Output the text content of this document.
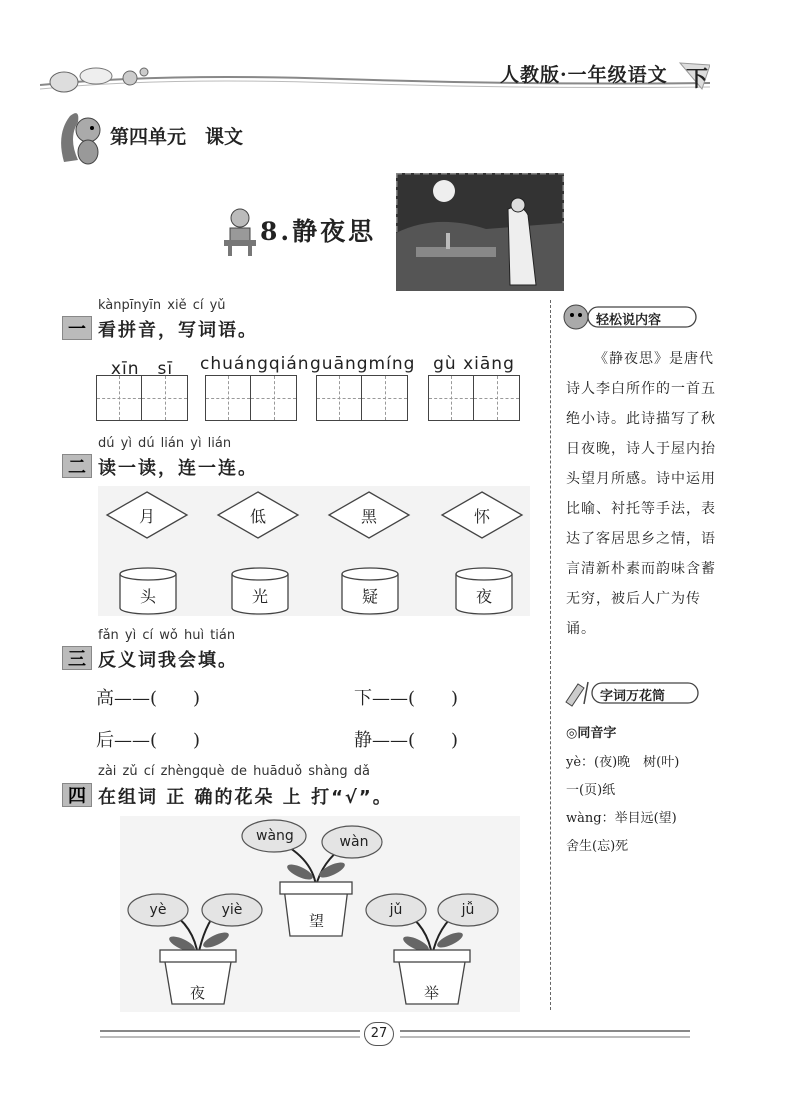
人教版·一年级语文 下
第四单元　课文
8.静夜思
kànpīnyīn xiě cí yǔ
一 看拼音，写词语。
xīn　sī	chuángqián guāngmíng	gù xiāng
dú yì dú lián yì lián
二 读一读，连一连。
月	低	黑	怀
头	光	疑	夜
fǎn yì cí wǒ huì tián
三 反义词我会填。
高——(　　)	下——(　　)
后——(　　)	静——(　　)
zài zǔ cí zhèngquè de huāduǒ shàng dǎ
四 在组词 正 确的花朵 上 打“√”。
yè	yiè
夜
wàng	wàn
望
jǔ	jǚ
举
轻松说内容
《静夜思》是唐代诗人李白所作的一首五绝小诗。此诗描写了秋日夜晚，诗人于屋内抬头望月所感。诗中运用比喻、衬托等手法，表达了客居思乡之情，语言清新朴素而韵味含蓄无穷，被后人广为传诵。
字词万花筒
◎同音字
yè：(夜)晚　树(叶)
一(页)纸
wàng：举目远(望)
舍生(忘)死
27
